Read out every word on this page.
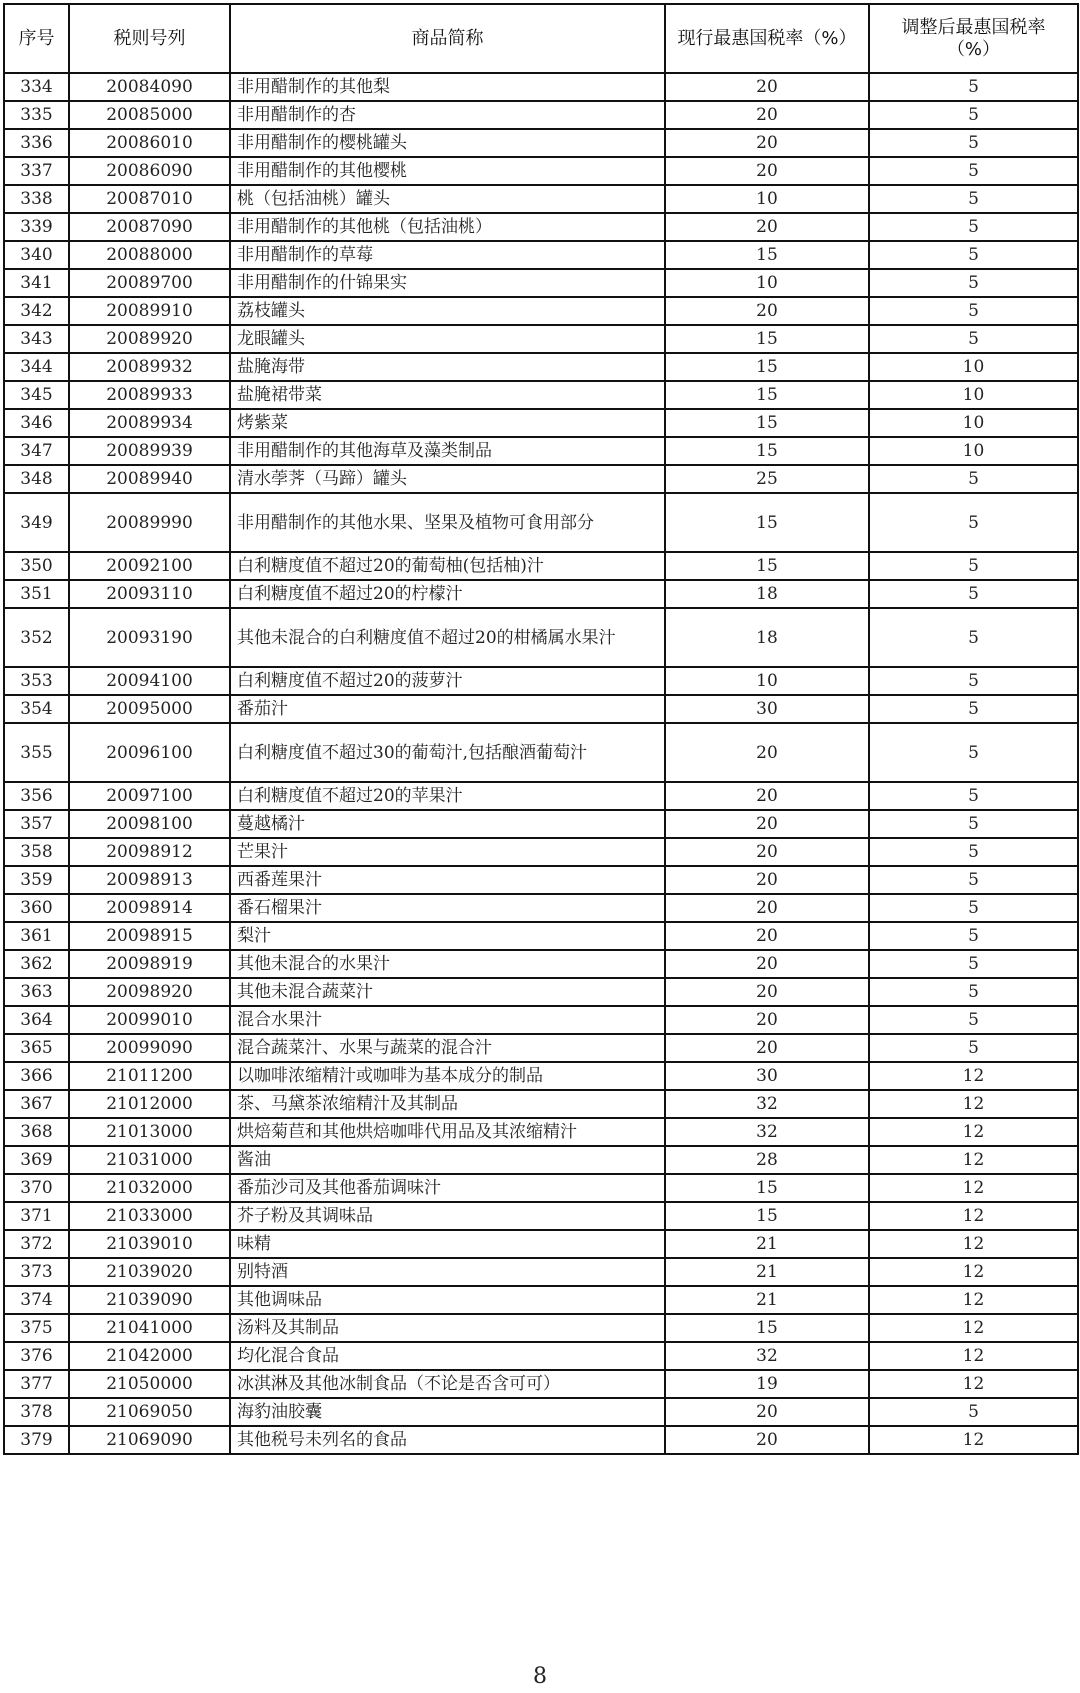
序号	税则号列	商品简称	现行最惠国税率（%）	调整后最惠国税率
（%）

334	20084090	非用醋制作的其他梨	20	5
335	20085000	非用醋制作的杏	20	5
336	20086010	非用醋制作的樱桃罐头	20	5
337	20086090	非用醋制作的其他樱桃	20	5
338	20087010	桃（包括油桃）罐头	10	5
339	20087090	非用醋制作的其他桃（包括油桃）	20	5
340	20088000	非用醋制作的草莓	15	5
341	20089700	非用醋制作的什锦果实	10	5
342	20089910	荔枝罐头	20	5
343	20089920	龙眼罐头	15	5
344	20089932	盐腌海带	15	10
345	20089933	盐腌裙带菜	15	10
346	20089934	烤紫菜	15	10
347	20089939	非用醋制作的其他海草及藻类制品	15	10
348	20089940	清水荸荠（马蹄）罐头	25	5
349	20089990	非用醋制作的其他水果、坚果及植物可食用部分	15	5
350	20092100	白利糖度值不超过20的葡萄柚(包括柚)汁	15	5
351	20093110	白利糖度值不超过20的柠檬汁	18	5
352	20093190	其他未混合的白利糖度值不超过20的柑橘属水果汁	18	5
353	20094100	白利糖度值不超过20的菠萝汁	10	5
354	20095000	番茄汁	30	5
355	20096100	白利糖度值不超过30的葡萄汁,包括酿酒葡萄汁	20	5
356	20097100	白利糖度值不超过20的苹果汁	20	5
357	20098100	蔓越橘汁	20	5
358	20098912	芒果汁	20	5
359	20098913	西番莲果汁	20	5
360	20098914	番石榴果汁	20	5
361	20098915	梨汁	20	5
362	20098919	其他未混合的水果汁	20	5
363	20098920	其他未混合蔬菜汁	20	5
364	20099010	混合水果汁	20	5
365	20099090	混合蔬菜汁、水果与蔬菜的混合汁	20	5
366	21011200	以咖啡浓缩精汁或咖啡为基本成分的制品	30	12
367	21012000	茶、马黛茶浓缩精汁及其制品	32	12
368	21013000	烘焙菊苣和其他烘焙咖啡代用品及其浓缩精汁	32	12
369	21031000	酱油	28	12
370	21032000	番茄沙司及其他番茄调味汁	15	12
371	21033000	芥子粉及其调味品	15	12
372	21039010	味精	21	12
373	21039020	别特酒	21	12
374	21039090	其他调味品	21	12
375	21041000	汤料及其制品	15	12
376	21042000	均化混合食品	32	12
377	21050000	冰淇淋及其他冰制食品（不论是否含可可）	19	12
378	21069050	海豹油胶囊	20	5
379	21069090	其他税号未列名的食品	20	12
8
